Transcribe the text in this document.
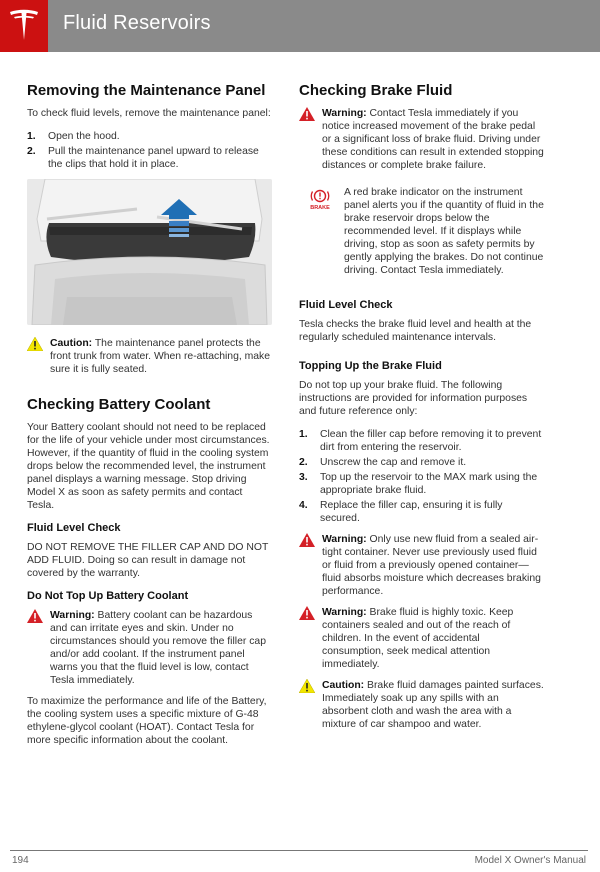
Fluid Reservoirs
Removing the Maintenance Panel

To check fluid levels, remove the maintenance panel:

1. Open the hood.
2. Pull the maintenance panel upward to release the clips that hold it in place.
Caution: The maintenance panel protects the front trunk from water. When re-attaching, make sure it is fully seated.
Checking Battery Coolant

Your Battery coolant should not need to be replaced for the life of your vehicle under most circumstances. However, if the quantity of fluid in the cooling system drops below the recommended level, the instrument panel displays a warning message. Stop driving Model X as soon as safety permits and contact Tesla.

Fluid Level Check

DO NOT REMOVE THE FILLER CAP AND DO NOT ADD FLUID. Doing so can result in damage not covered by the warranty.

Do Not Top Up Battery Coolant
Warning: Battery coolant can be hazardous and can irritate eyes and skin. Under no circumstances should you remove the filler cap and/or add coolant. If the instrument panel warns you that the fluid level is low, contact Tesla immediately.

To maximize the performance and life of the Battery, the cooling system uses a specific mixture of G-48 ethylene-glycol coolant (HOAT). Contact Tesla for more specific information about the coolant.

Checking Brake Fluid
Warning: Contact Tesla immediately if you notice increased movement of the brake pedal or a significant loss of brake fluid. Driving under these conditions can result in extended stopping distances or complete brake failure.
BRAKE
A red brake indicator on the instrument panel alerts you if the quantity of fluid in the brake reservoir drops below the recommended level. If it displays while driving, stop as soon as safety permits by gently applying the brakes. Do not continue driving. Contact Tesla immediately.
Fluid Level Check

Tesla checks the brake fluid level and health at the regularly scheduled maintenance intervals.

Topping Up the Brake Fluid

Do not top up your brake fluid. The following instructions are provided for information purposes and future reference only:

1. Clean the filler cap before removing it to prevent dirt from entering the reservoir.
2. Unscrew the cap and remove it.
3. Top up the reservoir to the MAX mark using the appropriate brake fluid.
4. Replace the filler cap, ensuring it is fully secured.
Warning: Only use new fluid from a sealed air-tight container. Never use previously used fluid or fluid from a previously opened container—fluid absorbs moisture which decreases braking performance.
Warning: Brake fluid is highly toxic. Keep containers sealed and out of the reach of children. In the event of accidental consumption, seek medical attention immediately.
Caution: Brake fluid damages painted surfaces. Immediately soak up any spills with an absorbent cloth and wash the area with a mixture of car shampoo and water.
194	Model X Owner's Manual
